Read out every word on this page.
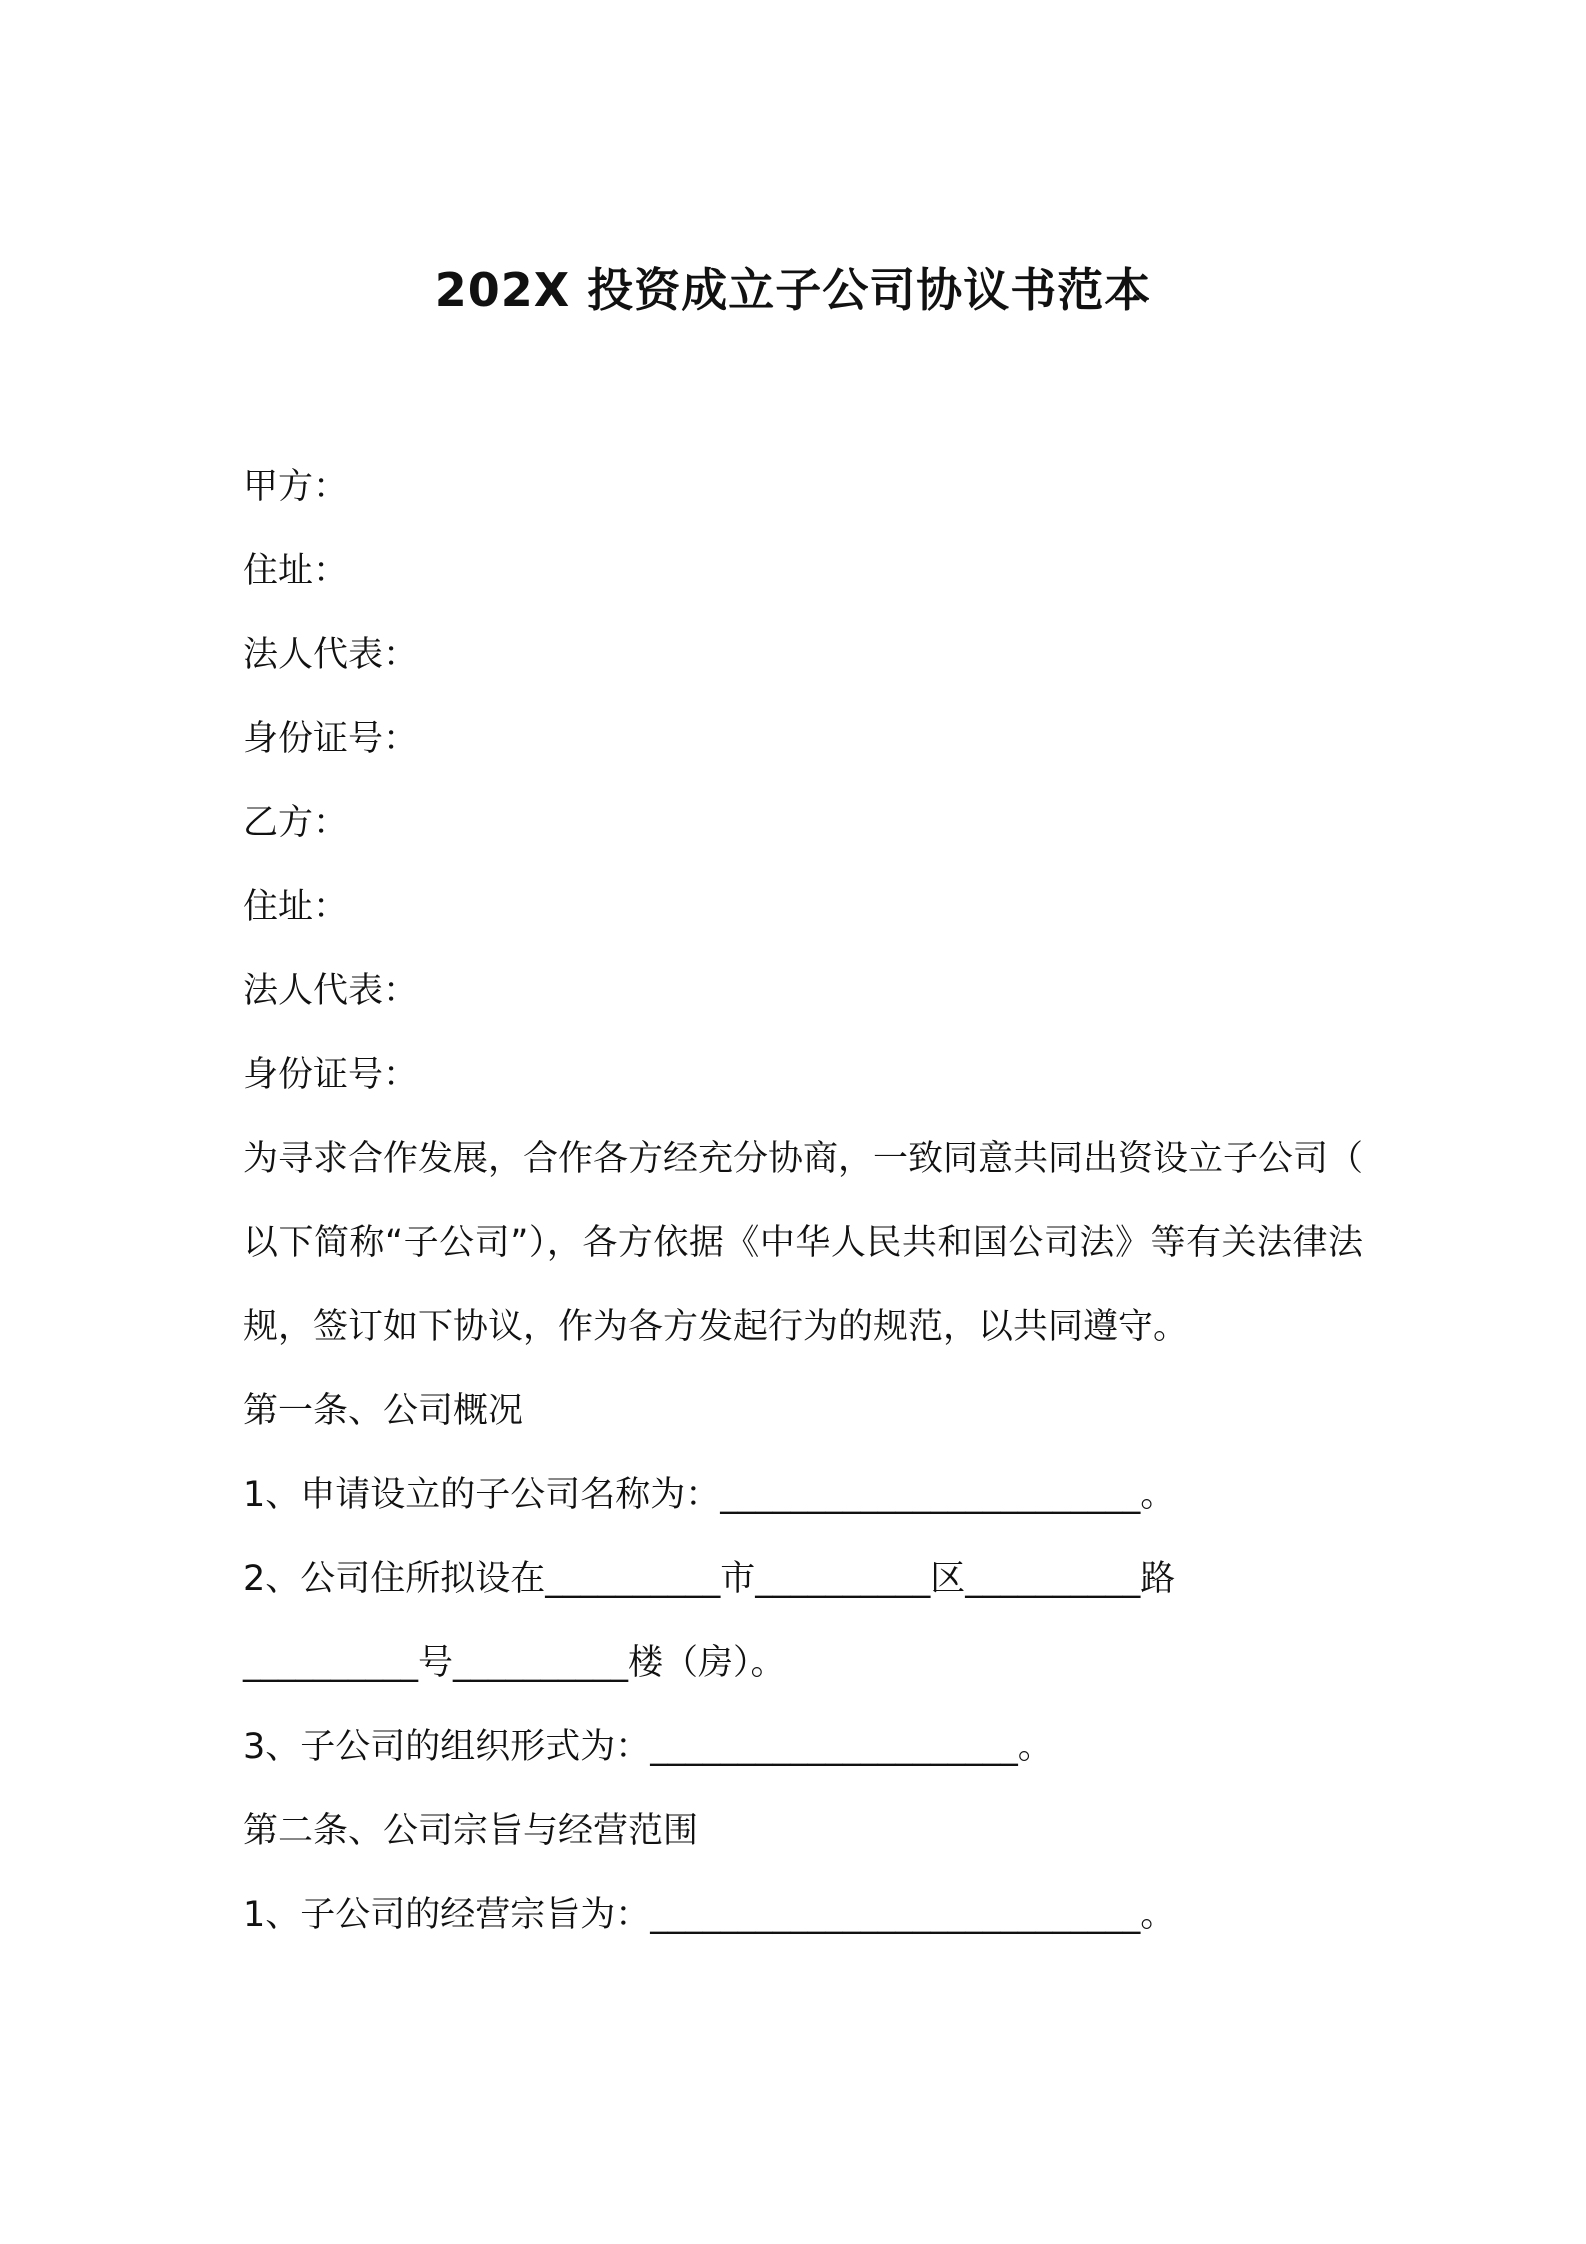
202X 投资成立子公司协议书范本

甲方：

住址：

法人代表：

身份证号：

乙方：

住址：

法人代表：

身份证号：

为寻求合作发展，合作各方经充分协商，一致同意共同出资设立子公司（以下简称“子公司”），各方依据《中华人民共和国公司法》等有关法律法规，签订如下协议，作为各方发起行为的规范，以共同遵守。

第一条、公司概况

1、申请设立的子公司名称为：________________________。

2、公司住所拟设在__________市__________区__________路

__________号__________楼（房）。

3、子公司的组织形式为：_____________________。

第二条、公司宗旨与经营范围

1、子公司的经营宗旨为：____________________________。
